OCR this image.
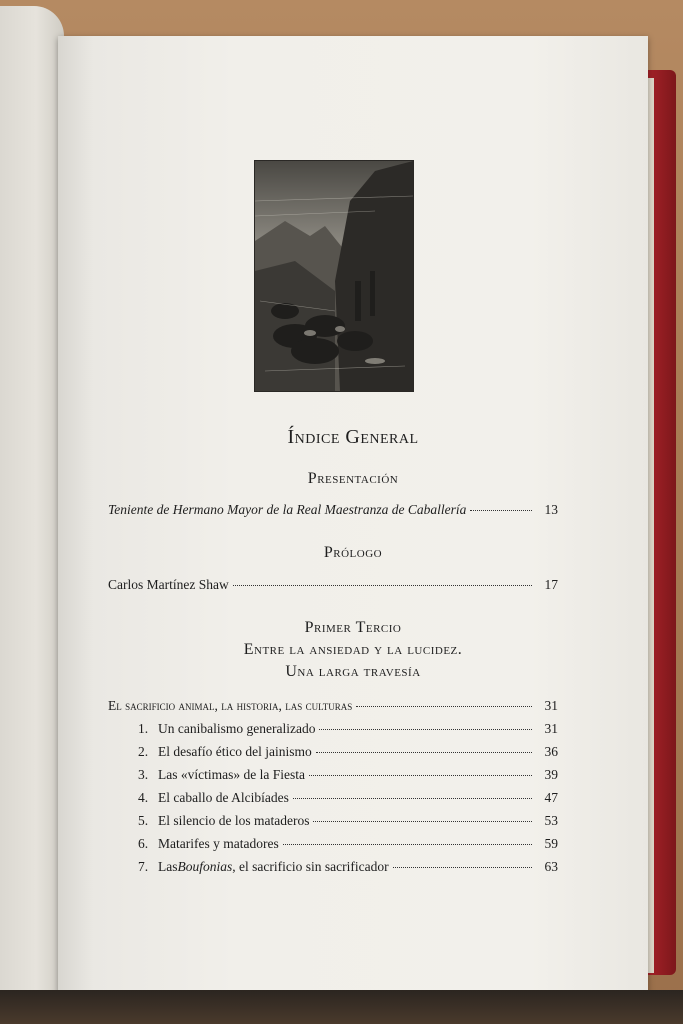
Índice General
Presentación
Teniente de Hermano Mayor de la Real Maestranza de Caballería	13
Prólogo
Carlos Martínez Shaw	17
Primer Tercio
Entre la ansiedad y la lucidez.
Una larga travesía
El sacrificio animal, la historia, las culturas	31
1. Un canibalismo generalizado	31
2. El desafío ético del jainismo	36
3. Las «víctimas» de la Fiesta	39
4. El caballo de Alcibíades	47
5. El silencio de los mataderos	53
6. Matarifes y matadores	59
7. Las Boufonias , el sacrificio sin sacrificador	63
